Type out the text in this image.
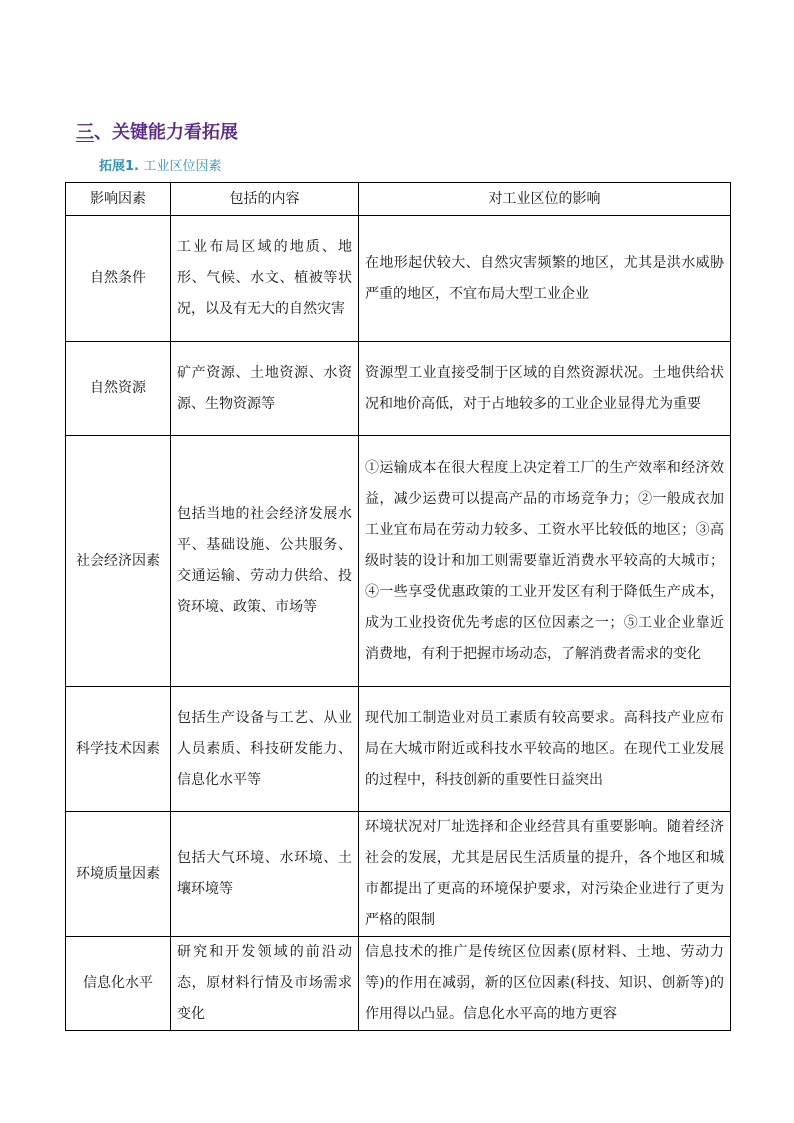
三、关键能力看拓展
拓展1. 工业区位因素
影响因素	包括的内容	对工业区位的影响
自然条件	工业布局区域的地质、地形、气候、水文、植被等状况，以及有无大的自然灾害	在地形起伏较大、自然灾害频繁的地区，尤其是洪水威胁严重的地区，不宜布局大型工业企业
自然资源	矿产资源、土地资源、水资源、生物资源等	资源型工业直接受制于区域的自然资源状况。土地供给状况和地价高低，对于占地较多的工业企业显得尤为重要
社会经济因素	包括当地的社会经济发展水平、基础设施、公共服务、交通运输、劳动力供给、投资环境、政策、市场等	①运输成本在很大程度上决定着工厂的生产效率和经济效益，减少运费可以提高产品的市场竞争力；②一般成衣加工业宜布局在劳动力较多、工资水平比较低的地区；③高级时装的设计和加工则需要靠近消费水平较高的大城市；④一些享受优惠政策的工业开发区有利于降低生产成本，成为工业投资优先考虑的区位因素之一；⑤工业企业靠近消费地，有利于把握市场动态，了解消费者需求的变化
科学技术因素	包括生产设备与工艺、从业人员素质、科技研发能力、信息化水平等	现代加工制造业对员工素质有较高要求。高科技产业应布局在大城市附近或科技水平较高的地区。在现代工业发展的过程中，科技创新的重要性日益突出
环境质量因素	包括大气环境、水环境、土壤环境等	环境状况对厂址选择和企业经营具有重要影响。随着经济社会的发展，尤其是居民生活质量的提升，各个地区和城市都提出了更高的环境保护要求，对污染企业进行了更为严格的限制
信息化水平	研究和开发领域的前沿动态，原材料行情及市场需求变化	信息技术的推广是传统区位因素(原材料、土地、劳动力等)的作用在减弱，新的区位因素(科技、知识、创新等)的作用得以凸显。信息化水平高的地方更容
